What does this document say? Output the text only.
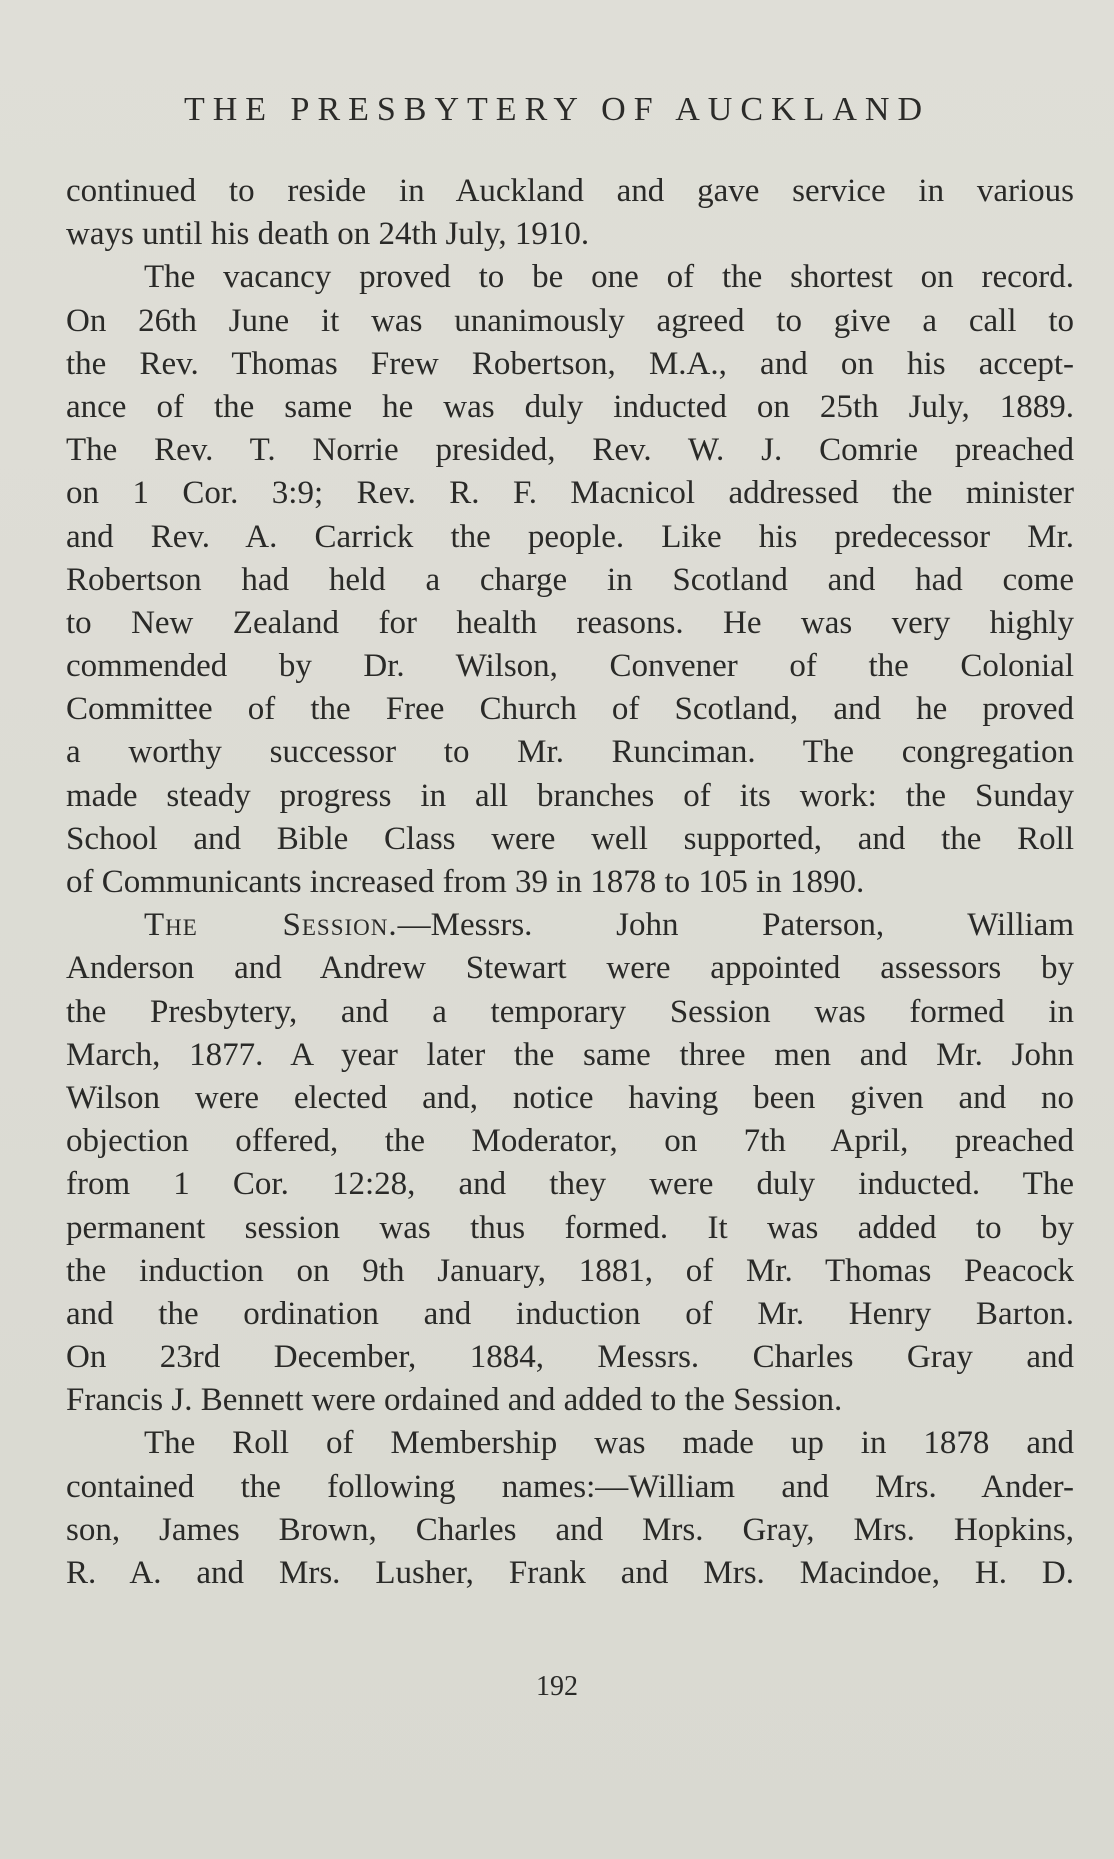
THE PRESBYTERY OF AUCKLAND
continued to reside in Auckland and gave service in various
ways until his death on 24th July, 1910.
The vacancy proved to be one of the shortest on record.
On 26th June it was unanimously agreed to give a call to
the Rev. Thomas Frew Robertson, M.A., and on his accept-
ance of the same he was duly inducted on 25th July, 1889.
The Rev. T. Norrie presided, Rev. W. J. Comrie preached
on 1 Cor. 3:9; Rev. R. F. Macnicol addressed the minister
and Rev. A. Carrick the people. Like his predecessor Mr.
Robertson had held a charge in Scotland and had come
to New Zealand for health reasons. He was very highly
commended by Dr. Wilson, Convener of the Colonial
Committee of the Free Church of Scotland, and he proved
a worthy successor to Mr. Runciman. The congregation
made steady progress in all branches of its work: the Sunday
School and Bible Class were well supported, and the Roll
of Communicants increased from 39 in 1878 to 105 in 1890.
The Session.—Messrs. John Paterson, William
Anderson and Andrew Stewart were appointed assessors by
the Presbytery, and a temporary Session was formed in
March, 1877. A year later the same three men and Mr. John
Wilson were elected and, notice having been given and no
objection offered, the Moderator, on 7th April, preached
from 1 Cor. 12:28, and they were duly inducted. The
permanent session was thus formed. It was added to by
the induction on 9th January, 1881, of Mr. Thomas Peacock
and the ordination and induction of Mr. Henry Barton.
On 23rd December, 1884, Messrs. Charles Gray and
Francis J. Bennett were ordained and added to the Session.
The Roll of Membership was made up in 1878 and
contained the following names:—William and Mrs. Ander-
son, James Brown, Charles and Mrs. Gray, Mrs. Hopkins,
R. A. and Mrs. Lusher, Frank and Mrs. Macindoe, H. D.
192
